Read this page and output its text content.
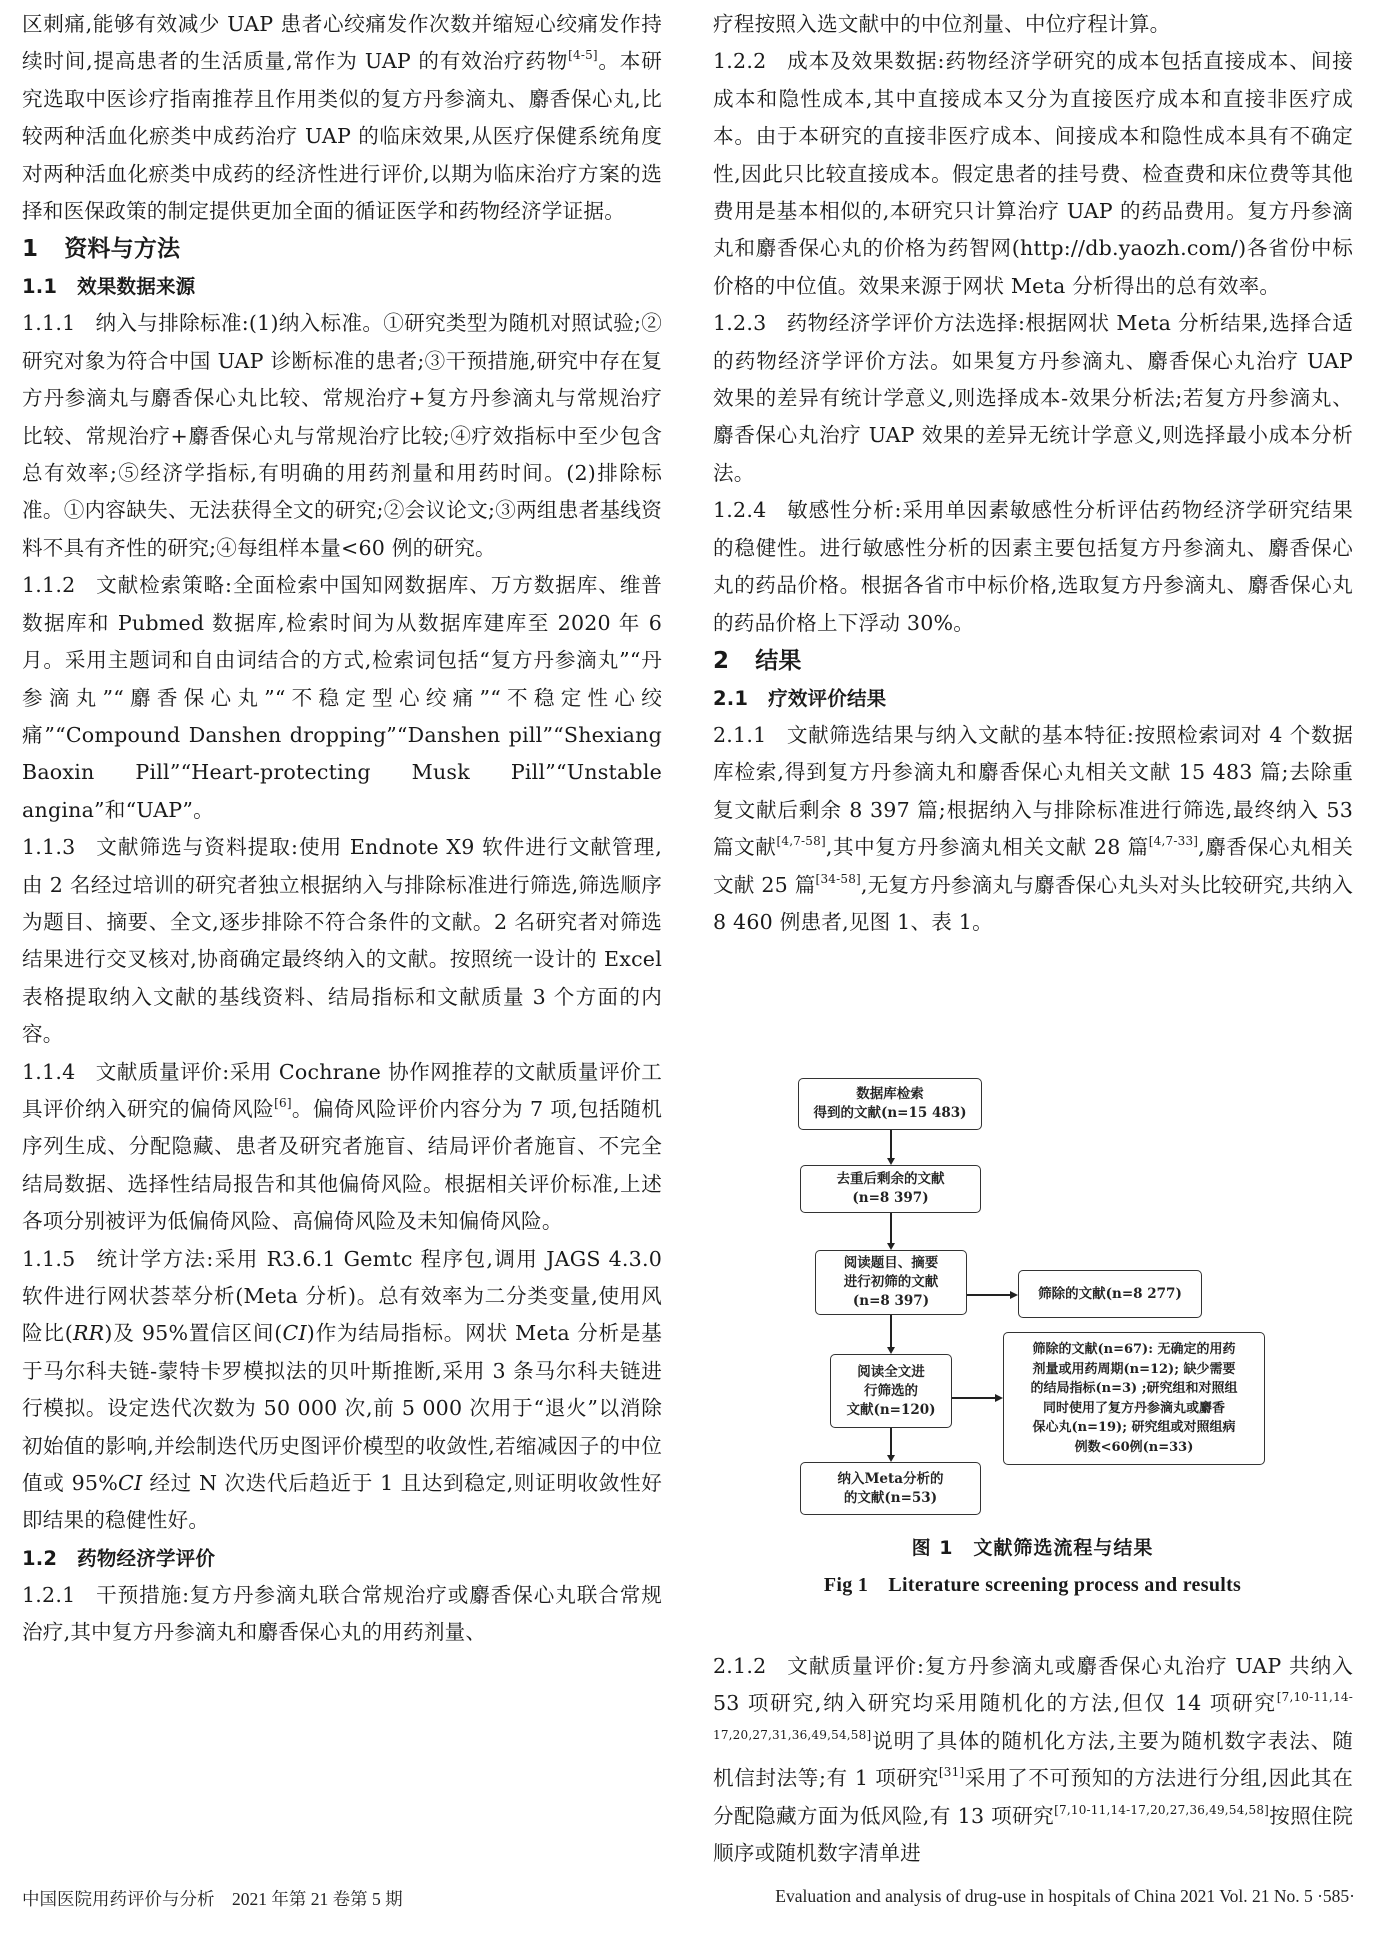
区刺痛,能够有效减少 UAP 患者心绞痛发作次数并缩短心绞痛发作持续时间,提高患者的生活质量,常作为 UAP 的有效治疗药物[4-5]。本研究选取中医诊疗指南推荐且作用类似的复方丹参滴丸、麝香保心丸,比较两种活血化瘀类中成药治疗 UAP 的临床效果,从医疗保健系统角度对两种活血化瘀类中成药的经济性进行评价,以期为临床治疗方案的选择和医保政策的制定提供更加全面的循证医学和药物经济学证据。

1 资料与方法
1.1 效果数据来源

1.1.1 纳入与排除标准:(1)纳入标准。①研究类型为随机对照试验;②研究对象为符合中国 UAP 诊断标准的患者;③干预措施,研究中存在复方丹参滴丸与麝香保心丸比较、常规治疗+复方丹参滴丸与常规治疗比较、常规治疗+麝香保心丸与常规治疗比较;④疗效指标中至少包含总有效率;⑤经济学指标,有明确的用药剂量和用药时间。(2)排除标准。①内容缺失、无法获得全文的研究;②会议论文;③两组患者基线资料不具有齐性的研究;④每组样本量<60 例的研究。

1.1.2 文献检索策略:全面检索中国知网数据库、万方数据库、维普数据库和 Pubmed 数据库,检索时间为从数据库建库至 2020 年 6 月。采用主题词和自由词结合的方式,检索词包括“复方丹参滴丸”“丹参滴丸”“麝香保心丸”“不稳定型心绞痛”“不稳定性心绞痛”“Compound Danshen dropping”“Danshen pill”“Shexiang Baoxin Pill”“Heart-protecting Musk Pill”“Unstable angina”和“UAP”。

1.1.3 文献筛选与资料提取:使用 Endnote X9 软件进行文献管理,由 2 名经过培训的研究者独立根据纳入与排除标准进行筛选,筛选顺序为题目、摘要、全文,逐步排除不符合条件的文献。2 名研究者对筛选结果进行交叉核对,协商确定最终纳入的文献。按照统一设计的 Excel 表格提取纳入文献的基线资料、结局指标和文献质量 3 个方面的内容。

1.1.4 文献质量评价:采用 Cochrane 协作网推荐的文献质量评价工具评价纳入研究的偏倚风险[6]。偏倚风险评价内容分为 7 项,包括随机序列生成、分配隐藏、患者及研究者施盲、结局评价者施盲、不完全结局数据、选择性结局报告和其他偏倚风险。根据相关评价标准,上述各项分别被评为低偏倚风险、高偏倚风险及未知偏倚风险。

1.1.5 统计学方法:采用 R3.6.1 Gemtc 程序包,调用 JAGS 4.3.0 软件进行网状荟萃分析(Meta 分析)。总有效率为二分类变量,使用风险比(RR)及 95%置信区间(CI)作为结局指标。网状 Meta 分析是基于马尔科夫链-蒙特卡罗模拟法的贝叶斯推断,采用 3 条马尔科夫链进行模拟。设定迭代次数为 50 000 次,前 5 000 次用于“退火”以消除初始值的影响,并绘制迭代历史图评价模型的收敛性,若缩减因子的中位值或 95%CI 经过 N 次迭代后趋近于 1 且达到稳定,则证明收敛性好即结果的稳健性好。

1.2 药物经济学评价

1.2.1 干预措施:复方丹参滴丸联合常规治疗或麝香保心丸联合常规治疗,其中复方丹参滴丸和麝香保心丸的用药剂量、

疗程按照入选文献中的中位剂量、中位疗程计算。

1.2.2 成本及效果数据:药物经济学研究的成本包括直接成本、间接成本和隐性成本,其中直接成本又分为直接医疗成本和直接非医疗成本。由于本研究的直接非医疗成本、间接成本和隐性成本具有不确定性,因此只比较直接成本。假定患者的挂号费、检查费和床位费等其他费用是基本相似的,本研究只计算治疗 UAP 的药品费用。复方丹参滴丸和麝香保心丸的价格为药智网(http://db.yaozh.com/)各省份中标价格的中位值。效果来源于网状 Meta 分析得出的总有效率。

1.2.3 药物经济学评价方法选择:根据网状 Meta 分析结果,选择合适的药物经济学评价方法。如果复方丹参滴丸、麝香保心丸治疗 UAP 效果的差异有统计学意义,则选择成本-效果分析法;若复方丹参滴丸、麝香保心丸治疗 UAP 效果的差异无统计学意义,则选择最小成本分析法。

1.2.4 敏感性分析:采用单因素敏感性分析评估药物经济学研究结果的稳健性。进行敏感性分析的因素主要包括复方丹参滴丸、麝香保心丸的药品价格。根据各省市中标价格,选取复方丹参滴丸、麝香保心丸的药品价格上下浮动 30%。

2 结果
2.1 疗效评价结果

2.1.1 文献筛选结果与纳入文献的基本特征:按照检索词对 4 个数据库检索,得到复方丹参滴丸和麝香保心丸相关文献 15 483 篇;去除重复文献后剩余 8 397 篇;根据纳入与排除标准进行筛选,最终纳入 53 篇文献[4,7-58],其中复方丹参滴丸相关文献 28 篇[4,7-33],麝香保心丸相关文献 25 篇[34-58],无复方丹参滴丸与麝香保心丸头对头比较研究,共纳入 8 460 例患者,见图 1、表 1。

数据库检索
得到的文献(n=15 483)
去重后剩余的文献
(n=8 397)
阅读题目、摘要
进行初筛的文献
(n=8 397)	筛除的文献(n=8 277)
阅读全文进
行筛选的
文献(n=120)
筛除的文献(n=67): 无确定的用药
剂量或用药周期(n=12); 缺少需要
的结局指标(n=3) ;研究组和对照组
同时使用了复方丹参滴丸或麝香
保心丸(n=19); 研究组或对照组病
例数<60例(n=33)
纳入Meta分析的
的文献(n=53)
图 1　文献筛选流程与结果
Fig 1　Literature screening process and results

2.1.2 文献质量评价:复方丹参滴丸或麝香保心丸治疗 UAP 共纳入 53 项研究,纳入研究均采用随机化的方法,但仅 14 项研究[7,10-11,14-17,20,27,31,36,49,54,58]说明了具体的随机化方法,主要为随机数字表法、随机信封法等;有 1 项研究[31]采用了不可预知的方法进行分组,因此其在分配隐藏方面为低风险,有 13 项研究[7,10-11,14-17,20,27,36,49,54,58]按照住院顺序或随机数字清单进

中国医院用药评价与分析　2021 年第 21 卷第 5 期	Evaluation and analysis of drug-use in hospitals of China 2021 Vol. 21 No. 5 ·585·
